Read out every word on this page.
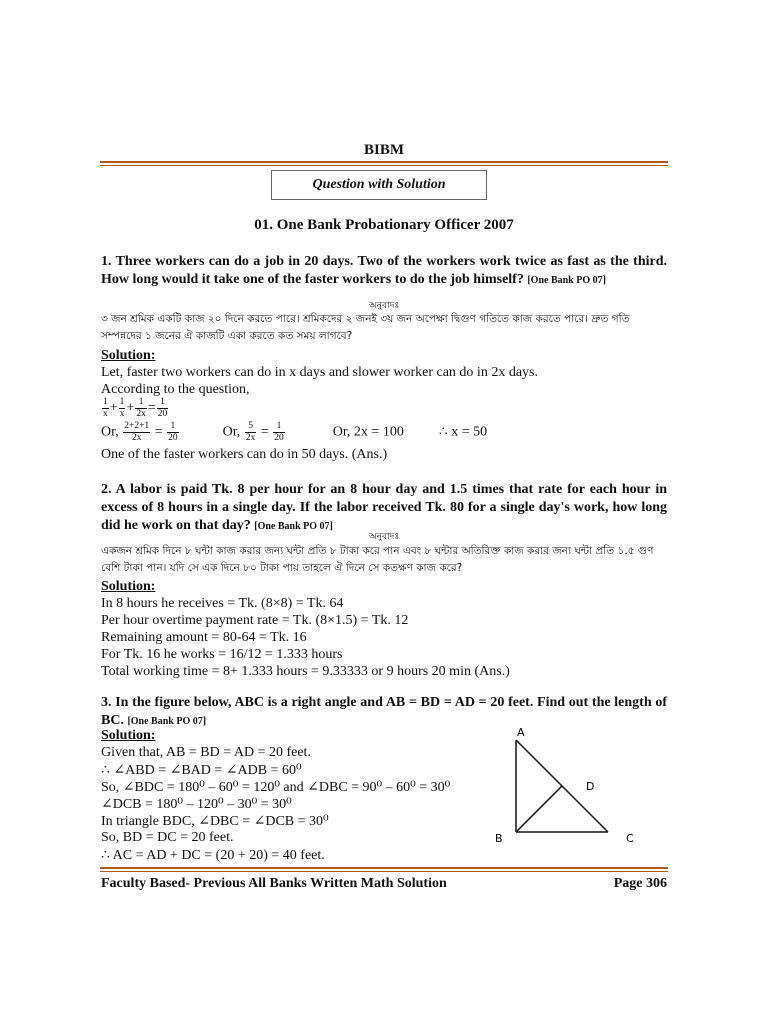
BIBM
Question with Solution
01. One Bank Probationary Officer 2007
1. Three workers can do a job in 20 days. Two of the workers work twice as fast as the third. How long would it take one of the faster workers to do the job himself? [One Bank PO 07]
অনুবাদঃ
৩ জন শ্রমিক একটি কাজ ২০ দিনে করতে পারে। শ্রমিকদের ২ জনই ৩য় জন অপেক্ষা দ্বিগুণ গতিতে কাজ করতে পারে। দ্রুত গতি সম্পন্নদের ১ জনের ঐ কাজটি একা করতে কত সময় লাগবে?
Solution:
Let, faster two workers can do in x days and slower worker can do in 2x days.
According to the question,
$\frac{1}{x} + \frac{1}{x} + \frac{1}{2x} = \frac{1}{20}$
Or, $\frac{2+2+1}{2x} = \frac{1}{20}$	Or, $\frac{5}{2x} = \frac{1}{20}$	Or, 2x = 100	∴ x = 50
One of the faster workers can do in 50 days. (Ans.)
2. A labor is paid Tk. 8 per hour for an 8 hour day and 1.5 times that rate for each hour in excess of 8 hours in a single day. If the labor received Tk. 80 for a single day's work, how long did he work on that day? [One Bank PO 07]
অনুবাদঃ
একজন শ্রমিক দিনে ৮ ঘন্টা কাজ করার জন্য ঘন্টা প্রতি ৮ টাকা করে পান এবং ৮ ঘন্টার অতিরিক্ত কাজ করার জন্য ঘন্টা প্রতি ১.৫ গুণ বেশি টাকা পান। যদি সে এক দিনে ৮০ টাকা পায় তাহলে ঐ দিনে সে কতক্ষণ কাজ করে?
Solution:
In 8 hours he receives = Tk. (8×8) = Tk. 64
Per hour overtime payment rate = Tk. (8×1.5) = Tk. 12
Remaining amount = 80-64 = Tk. 16
For Tk. 16 he works = 16/12 = 1.333 hours
Total working time = 8+ 1.333 hours = 9.33333 or 9 hours 20 min (Ans.)
3. In the figure below, ABC is a right angle and AB = BD = AD = 20 feet. Find out the length of BC. [One Bank PO 07]
Solution:
Given that, AB = BD = AD = 20 feet.
∴ ∠ABD = ∠BAD = ∠ADB = 60⁰
So, ∠BDC = 180⁰ – 60⁰ = 120⁰ and ∠DBC = 90⁰ – 60⁰ = 30⁰
∠DCB = 180⁰ – 120⁰ – 30⁰ = 30⁰
In triangle BDC, ∠DBC = ∠DCB = 30⁰
So, BD = DC = 20 feet.
∴ AC = AD + DC = (20 + 20) = 40 feet.
A
B	C
D
Faculty Based- Previous All Banks Written Math Solution	Page 306
